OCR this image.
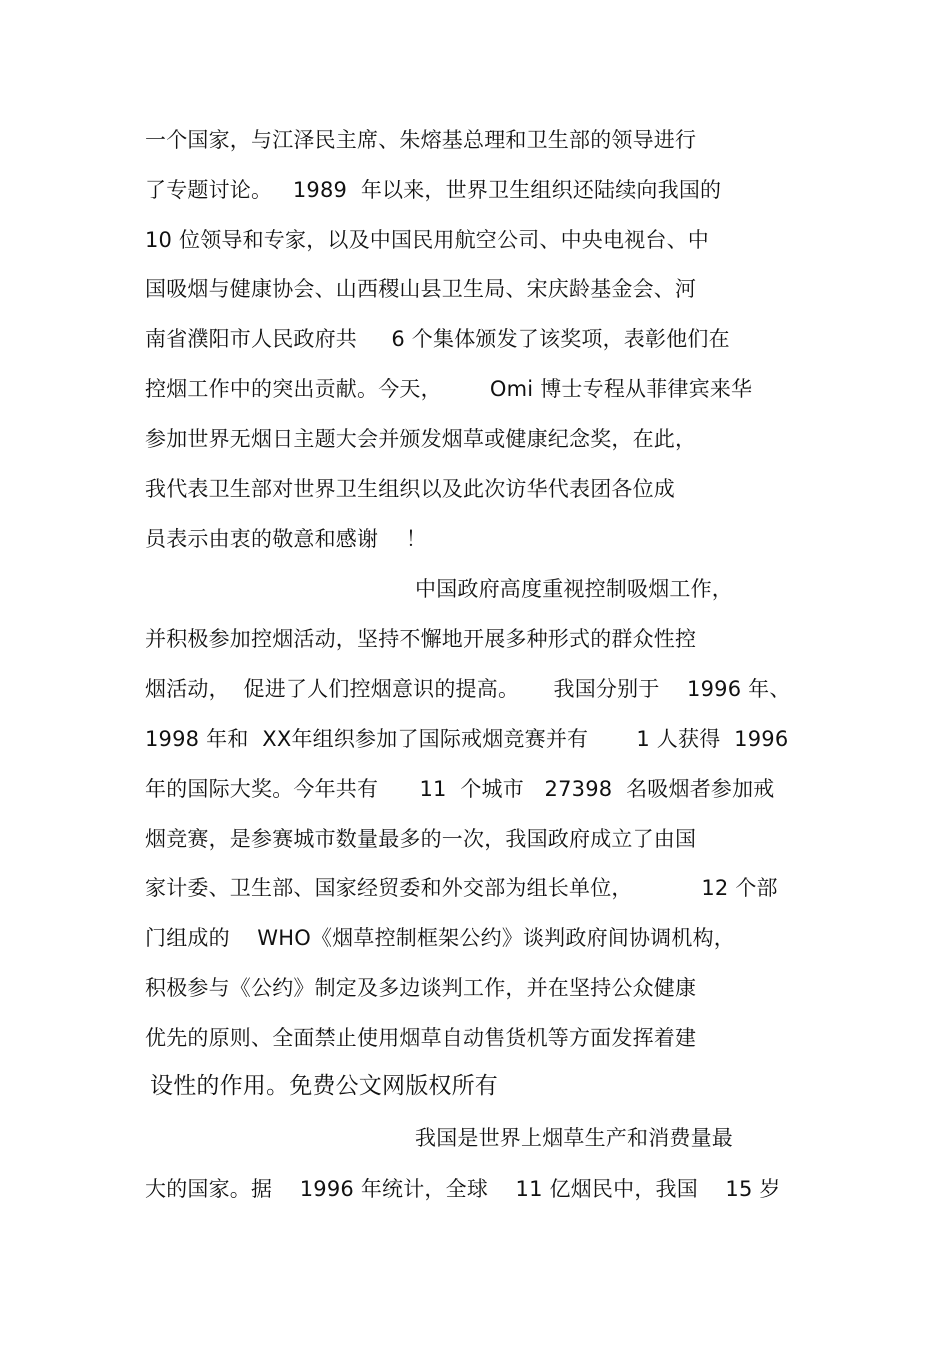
一个国家，与江泽民主席、朱熔基总理和卫生部的领导进行
了专题讨论。   1989  年以来，世界卫生组织还陆续向我国的
10 位领导和专家，以及中国民用航空公司、中央电视台、中
国吸烟与健康协会、山西稷山县卫生局、宋庆龄基金会、河
南省濮阳市人民政府共     6 个集体颁发了该奖项，表彰他们在
控烟工作中的突出贡献。今天，       Omi 博士专程从菲律宾来华
参加世界无烟日主题大会并颁发烟草或健康纪念奖，在此，
我代表卫生部对世界卫生组织以及此次访华代表团各位成
员表示由衷的敬意和感谢    ！
中国政府高度重视控制吸烟工作，
并积极参加控烟活动，坚持不懈地开展多种形式的群众性控
烟活动，  促进了人们控烟意识的提高。     我国分别于    1996 年、
1998 年和  XX年组织参加了国际戒烟竞赛并有       1 人获得  1996
年的国际大奖。今年共有      11  个城市   27398  名吸烟者参加戒
烟竞赛，是参赛城市数量最多的一次，我国政府成立了由国
家计委、卫生部、国家经贸委和外交部为组长单位，          12 个部
门组成的    WHO《烟草控制框架公约》谈判政府间协调机构，
积极参与《公约》制定及多边谈判工作，并在坚持公众健康
优先的原则、全面禁止使用烟草自动售货机等方面发挥着建
设性的作用。免费公文网版权所有
我国是世界上烟草生产和消费量最
大的国家。据    1996 年统计，全球    11 亿烟民中，我国    15 岁
